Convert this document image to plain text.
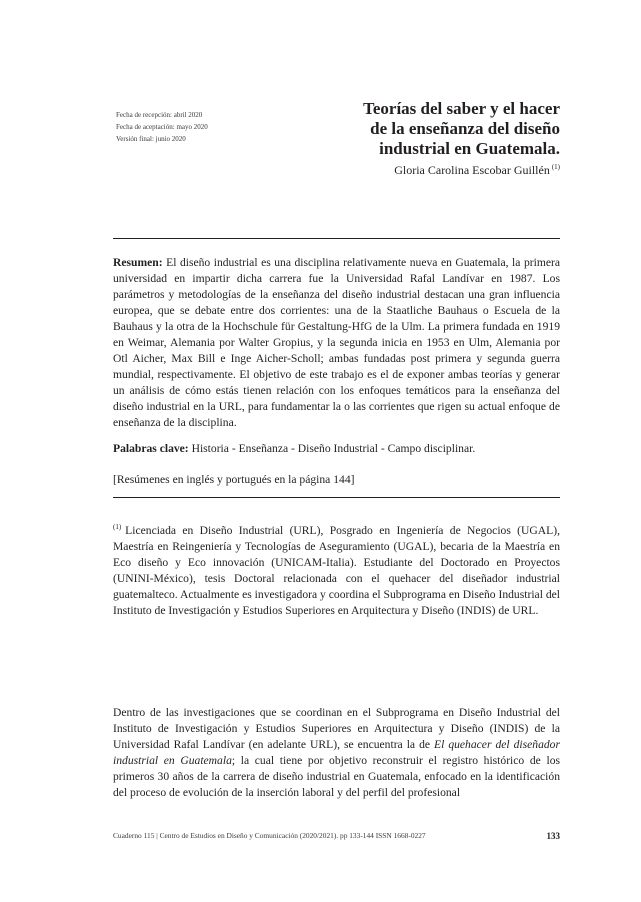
Fecha de recepción: abril 2020
Fecha de aceptación: mayo 2020
Versión final: junio 2020
Teorías del saber y el hacer
de la enseñanza del diseño
industrial en Guatemala.
Gloria Carolina Escobar Guillén $^{(1)}$

Resumen: El diseño industrial es una disciplina relativamente nueva en Guatemala, la primera universidad en impartir dicha carrera fue la Universidad Rafal Landívar en 1987. Los parámetros y metodologías de la enseñanza del diseño industrial destacan una gran influencia europea, que se debate entre dos corrientes: una de la Staatliche Bauhaus o Escuela de la Bauhaus y la otra de la Hochschule für Gestaltung-HfG de la Ulm. La primera fundada en 1919 en Weimar, Alemania por Walter Gropius, y la segunda inicia en 1953 en Ulm, Alemania por Otl Aicher, Max Bill e Inge Aicher-Scholl; ambas fundadas post primera y segunda guerra mundial, respectivamente. El objetivo de este trabajo es el de exponer ambas teorías y generar un análisis de cómo estás tienen relación con los enfoques temáticos para la enseñanza del diseño industrial en la URL, para fundamentar la o las corrientes que rigen su actual enfoque de enseñanza de la disciplina.

Palabras clave: Historia - Enseñanza - Diseño Industrial - Campo disciplinar.

[Resúmenes en inglés y portugués en la página 144]

$^{(1)}$ Licenciada en Diseño Industrial (URL), Posgrado en Ingeniería de Negocios (UGAL), Maestría en Reingeniería y Tecnologías de Aseguramiento (UGAL), becaria de la Maestría en Eco diseño y Eco innovación (UNICAM-Italia). Estudiante del Doctorado en Proyectos (UNINI-México), tesis Doctoral relacionada con el quehacer del diseñador industrial guatemalteco. Actualmente es investigadora y coordina el Subprograma en Diseño Industrial del Instituto de Investigación y Estudios Superiores en Arquitectura y Diseño (INDIS) de URL.

Dentro de las investigaciones que se coordinan en el Subprograma en Diseño Industrial del Instituto de Investigación y Estudios Superiores en Arquitectura y Diseño (INDIS) de la Universidad Rafal Landívar (en adelante URL), se encuentra la de El quehacer del diseñador industrial en Guatemala; la cual tiene por objetivo reconstruir el registro histórico de los primeros 30 años de la carrera de diseño industrial en Guatemala, enfocado en la identificación del proceso de evolución de la inserción laboral y del perfil del profesional

Cuaderno 115 | Centro de Estudios en Diseño y Comunicación (2020/2021). pp 133-144 ISSN 1668-0227	133
